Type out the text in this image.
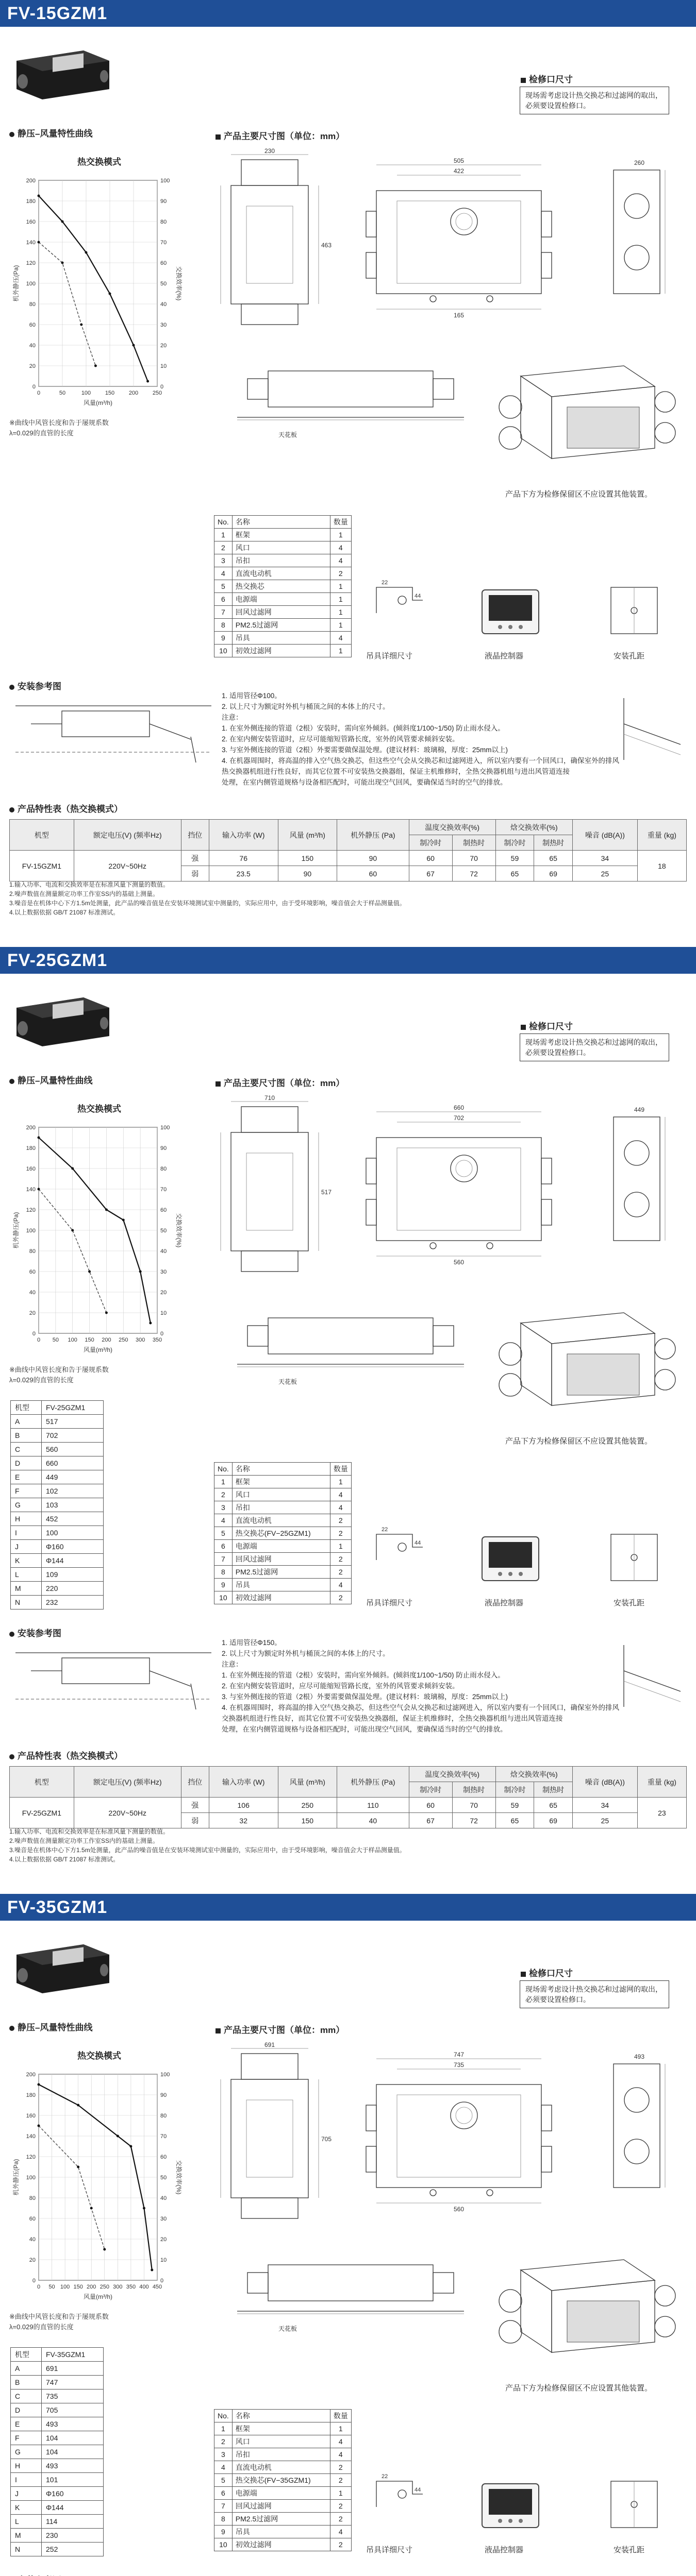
FV-15GZM1
静压–风量特性曲线
热交换模式
0
20
40
60
80
100
120
140
160
180
200
0
10
20
30
40
50
60
70
80
90
100
0	50	100	150	200	250
机外静压(Pa)	交换效率(%)
风量(m³/h)
※曲线中风管长度和告于屡规系数
λ=0.029的直管的长度
产品主要尺寸图（单位：mm）
检修口尺寸
现场需考虑设计热交换芯和过滤网的取出，
必须要设置检修口。
230
463
505
422
165
260
天花板
产品下方为检修保留区不应设置其他装置。
No.	名称	数量
1	框架	1
2	风口	4
3	吊扣	4
4	直流电动机	2
5	热交换芯	1
6	电源端	1
7	回风过滤网	1
8	PM2.5过滤网	1
9	吊具	4
10	初效过滤网	1
22
44
吊具详细尺寸	液晶控制器	安装孔距
安装参考图
1. 适用管径Φ100。
2. 以上尺寸为额定时外机与桶顶之间的本体上的尺寸。
注意：
1. 在室外侧连接的管道（2根）安装时，需向室外倾斜。(倾斜度1/100~1/50) 防止雨水侵入。
2. 在室内侧安装管道时，应尽可能缩短管路长度，室外的风管要求倾斜安装。
3. 与室外侧连接的管道（2根）外要需要做保温处理。(建议材料：玻璃棉，厚度：25mm以上)
4. 在机器周围时，将高温的排入空气热交换芯，但这些空气会从交换芯和过滤网进入，所以室内要有一个回风口，确保室外的排风
热交换器机组进行性良好，而其它位置不可安装热交换器组，保证主机维修时，全热交换器机组与进出风管道连接
处理，在室内侧管道规格与设备相匹配时，可能出现空气回风，要确保适当时的空气的排放。
产品特性表（热交换模式）
机型	额定电压(V) (频率Hz)	挡位	输入功率 (W)	风量 (m³/h)	机外静压 (Pa)	温度交换效率(%)		焓交换效率(%)		噪音 (dB(A))	重量 (kg)
						制冷时	制热时	制冷时	制热时		
FV-15GZM1	220V~50Hz	强	76	150	90	60	70	59	65	34	18
		弱	23.5	90	60	67	72	65	69	25	
1.输入功率、电流和交换效率是在标准风量下测量的数值。
2.噪声数值在测量额定功率工作室SS内的基础上测量。
3.噪音是在机体中心下方1.5m处测量，此产品的噪音值是在安装环境测试室中测量的，实际应用中，由于受环境影响，噪音值会大于样品测量值。
4.以上数据依据 GB/T 21087 标准测试。
FV-25GZM1
静压–风量特性曲线
热交换模式
0
20
40
60
80
100
120
140
160
180
200
0
10
20
30
40
50
60
70
80
90
100
0 50 100 150 200 250 300 350
机外静压(Pa)	交换效率(%)
风量(m³/h)
※曲线中风管长度和告于屡规系数
λ=0.029的直管的长度
机型	FV-25GZM1
A	517
B	702
C	560
D	660
E	449
F	102
G	103
H	452
I	100
J	Φ160
K	Φ144
L	109
M	220
N	232
产品主要尺寸图（单位：mm）
检修口尺寸
现场需考虑设计热交换芯和过滤网的取出，
必须要设置检修口。
710
517
660
702
560
449
天花板
产品下方为检修保留区不应设置其他装置。
No.	名称	数量
1	框架	1
2	风口	4
3	吊扣	4
4	直流电动机	2
5	热交换芯(FV−25GZM1)	2
6	电源端	1
7	回风过滤网	2
8	PM2.5过滤网	2
9	吊具	4
10	初效过滤网	2
22
44
吊具详细尺寸	液晶控制器	安装孔距
安装参考图
1. 适用管径Φ150。
2. 以上尺寸为额定时外机与桶顶之间的本体上的尺寸。
注意：
1. 在室外侧连接的管道（2根）安装时，需向室外倾斜。(倾斜度1/100~1/50) 防止雨水侵入。
2. 在室内侧安装管道时，应尽可能缩短管路长度，室外的风管要求倾斜安装。
3. 与室外侧连接的管道（2根）外要需要做保温处理。(建议材料：玻璃棉，厚度：25mm以上)
4. 在机器周围时，将高温的排入空气热交换芯，但这些空气会从交换芯和过滤网进入，所以室内要有一个回风口，确保室外的排风
交换器机组进行性良好，而其它位置不可安装热交换器组，保证主机维修时，全热交换器机组与进出风管道连接
处理，在室内侧管道规格与设备相匹配时，可能出现空气回风，要确保适当时的空气的排放。
产品特性表（热交换模式）
机型	额定电压(V) (频率Hz)	挡位	输入功率 (W)	风量 (m³/h)	机外静压 (Pa)	温度交换效率(%)		焓交换效率(%)		噪音 (dB(A))	重量 (kg)
						制冷时	制热时	制冷时	制热时		
FV-25GZM1	220V~50Hz	强	106	250	110	60	70	59	65	34	23
		弱	32	150	40	67	72	65	69	25	
1.输入功率、电流和交换效率是在标准风量下测量的数值。
2.噪声数值在测量额定功率工作室SS内的基础上测量。
3.噪音是在机体中心下方1.5m处测量，此产品的噪音值是在安装环境测试室中测量的，实际应用中，由于受环境影响，噪音值会大于样品测量值。
4.以上数据依据 GB/T 21087 标准测试。
FV-35GZM1
静压–风量特性曲线
热交换模式
0
20
40
60
80
100
120
140
160
180
200
0
10
20
30
40
50
60
70
80
90
100
0 50 100 150 200 250 300 350 400 450
机外静压(Pa)	交换效率(%)
风量(m³/h)
※曲线中风管长度和告于屡规系数
λ=0.029的直管的长度
机型	FV-35GZM1
A	691
B	747
C	735
D	705
E	493
F	104
G	104
H	493
I	101
J	Φ160
K	Φ144
L	114
M	230
N	252
产品主要尺寸图（单位：mm）
检修口尺寸
现场需考虑设计热交换芯和过滤网的取出，
必须要设置检修口。
691
705
747
735
560
493
天花板
产品下方为检修保留区不应设置其他装置。
No.	名称	数量
1	框架	1
2	风口	4
3	吊扣	4
4	直流电动机	2
5	热交换芯(FV−35GZM1)	2
6	电源端	1
7	回风过滤网	2
8	PM2.5过滤网	2
9	吊具	4
10	初效过滤网	2
22
44
吊具详细尺寸	液晶控制器	安装孔距
